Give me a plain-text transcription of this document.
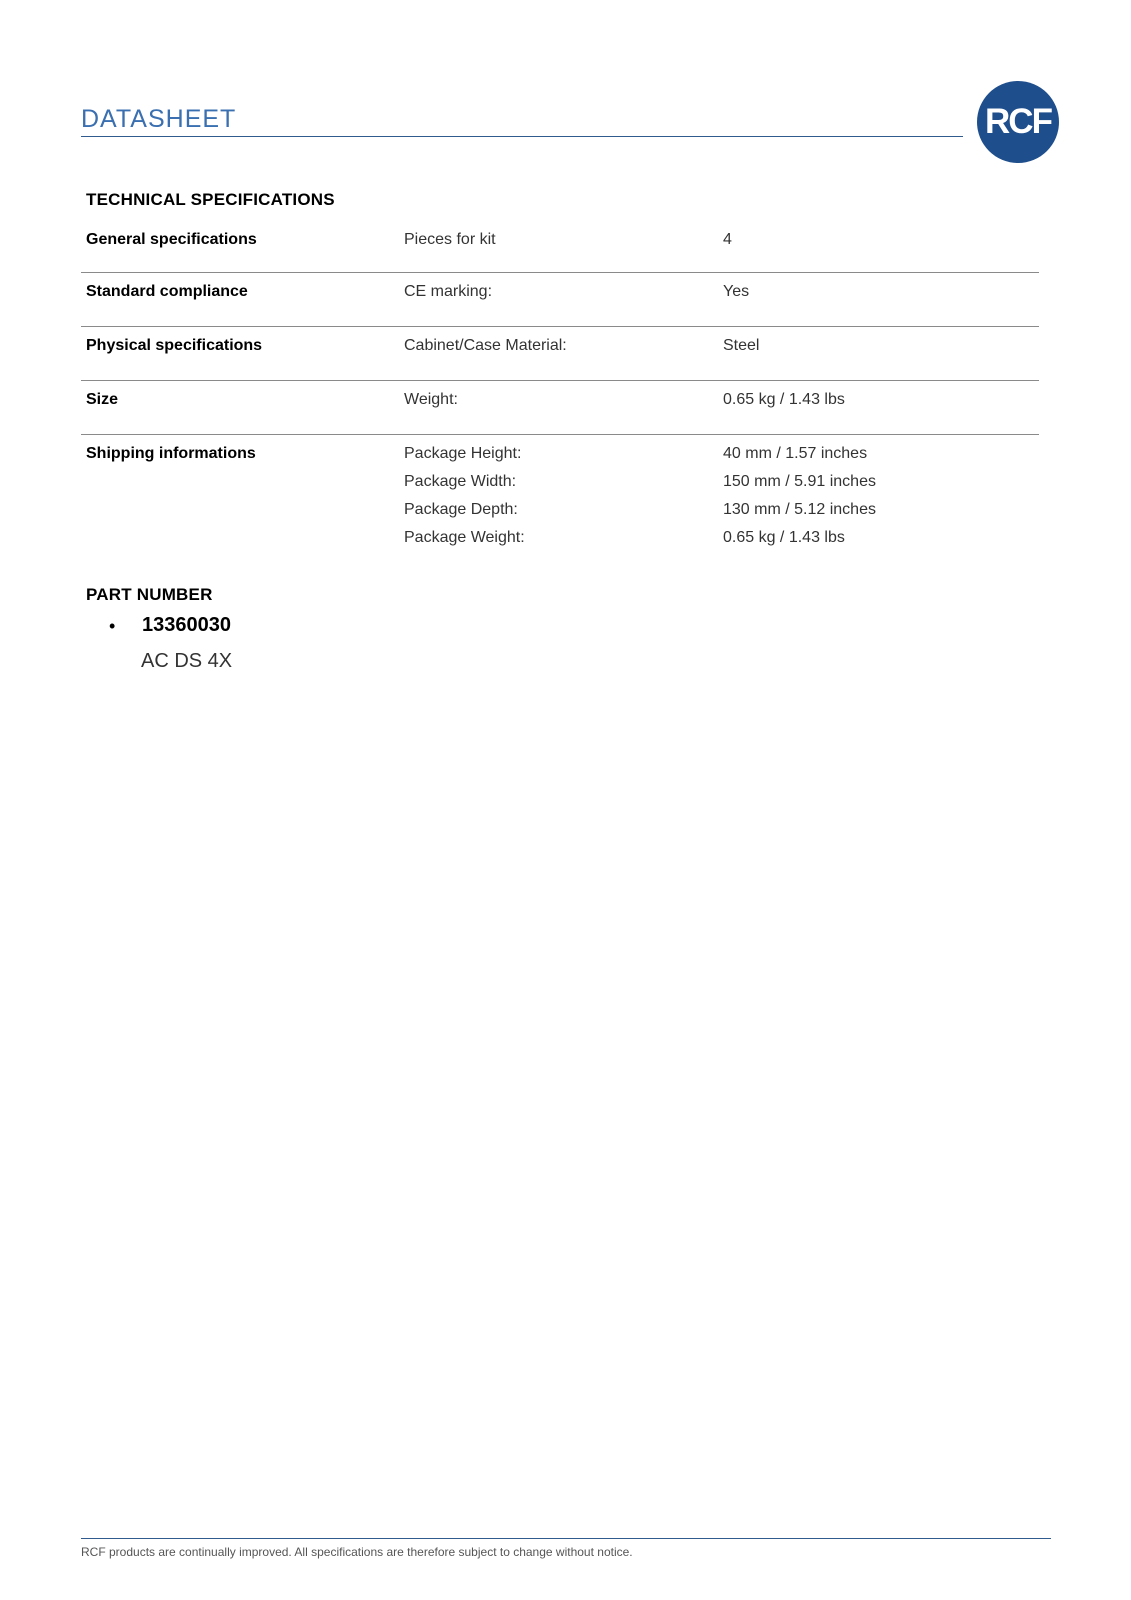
DATASHEET	RCF
TECHNICAL SPECIFICATIONS
General specifications	Pieces for kit	4
Standard compliance	CE marking:	Yes
Physical specifications	Cabinet/Case Material:	Steel
Size	Weight:	0.65 kg / 1.43 lbs
Shipping informations	Package Height:	40 mm / 1.57 inches
Package Width:	150 mm / 5.91 inches
Package Depth:	130 mm / 5.12 inches
Package Weight:	0.65 kg / 1.43 lbs
PART NUMBER
• 13360030
AC DS 4X
RCF products are continually improved. All specifications are therefore subject to change without notice.
